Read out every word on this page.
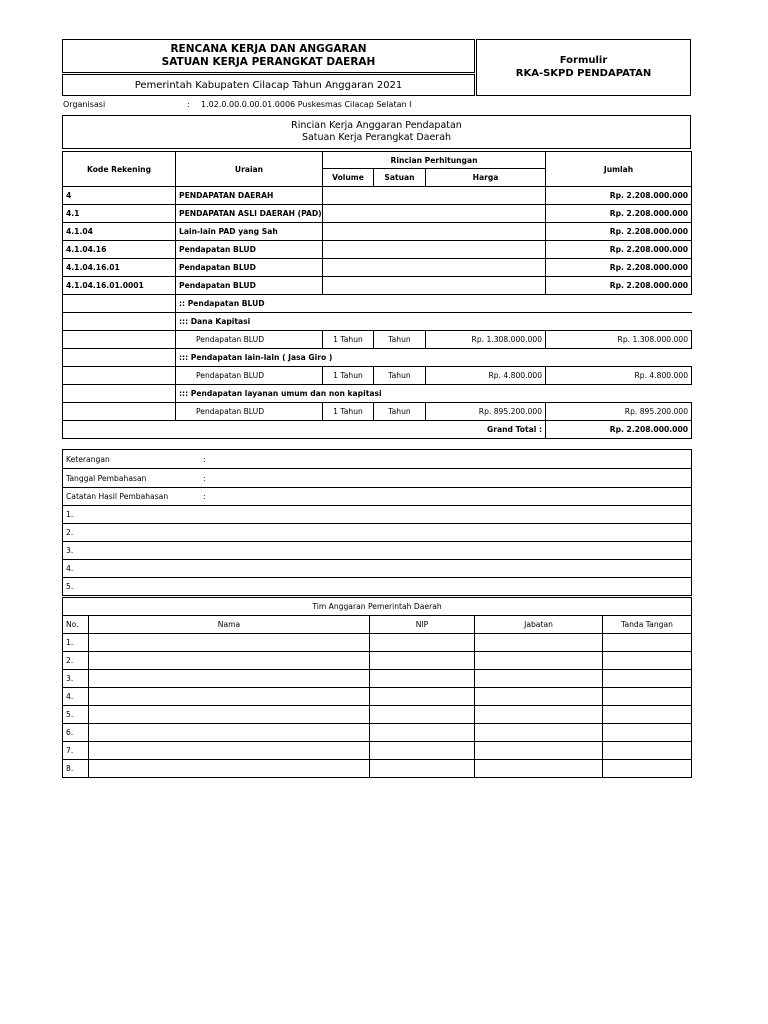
RENCANA KERJA DAN ANGGARAN
SATUAN KERJA PERANGKAT DAERAH
Pemerintah Kabupaten Cilacap Tahun Anggaran 2021
Formulir
RKA-SKPD PENDAPATAN
Organisasi	: 1.02.0.00.0.00.01.0006 Puskesmas Cilacap Selatan I
Rincian Kerja Anggaran Pendapatan
Satuan Kerja Perangkat Daerah
Kode Rekening	Uraian	Rincian Perhitungan			Jumlah
		Volume	Satuan	Harga	
4	PENDAPATAN DAERAH				Rp. 2.208.000.000
4.1	PENDAPATAN ASLI DAERAH (PAD)				Rp. 2.208.000.000
4.1.04	Lain-lain PAD yang Sah				Rp. 2.208.000.000
4.1.04.16	Pendapatan BLUD				Rp. 2.208.000.000
4.1.04.16.01	Pendapatan BLUD				Rp. 2.208.000.000
4.1.04.16.01.0001	Pendapatan BLUD				Rp. 2.208.000.000
	:: Pendapatan BLUD				
	::: Dana Kapitasi				
	Pendapatan BLUD	1 Tahun	Tahun	Rp. 1.308.000.000	Rp. 1.308.000.000
	::: Pendapatan lain-lain ( Jasa Giro )				
	Pendapatan BLUD	1 Tahun	Tahun	Rp. 4.800.000	Rp. 4.800.000
	::: Pendapatan layanan umum dan non kapitasi				
	Pendapatan BLUD	1 Tahun	Tahun	Rp. 895.200.000	Rp. 895.200.000
	Grand Total :				Rp. 2.208.000.000
Keterangan	:
Tanggal Pembahasan	:
Catatan Hasil Pembahasan	:
1.
2.
3.
4.
5.
Tim Anggaran Pemerintah Daerah				
No.	Nama	NIP	Jabatan	Tanda Tangan
1.				
2.				
3.				
4.				
5.				
6.				
7.				
8.				
